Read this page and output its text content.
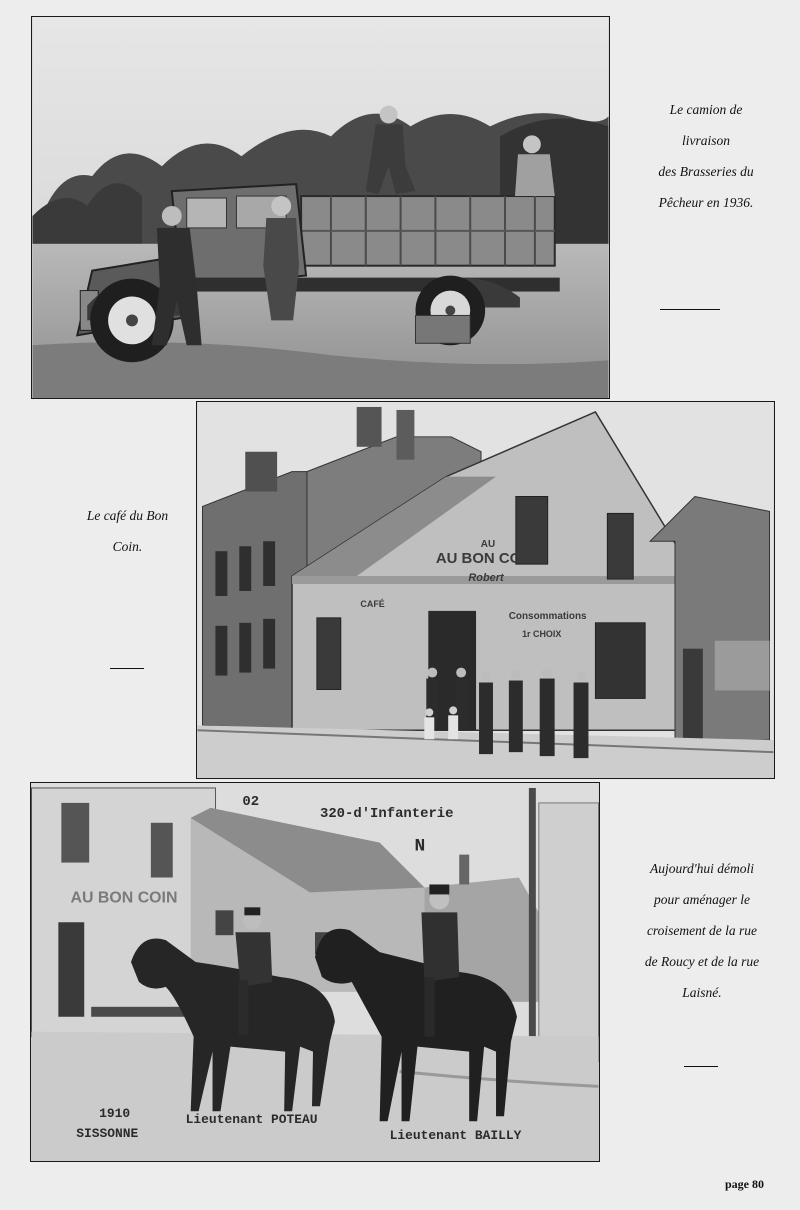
Le camion de
livraison
des Brasseries du
Pêcheur en 1936.
AU
AU BON COIN
Robert
CAFÉ
Consommations
1r CHOIX
Le café du Bon
Coin.
AU BON COIN
02
320-d'Infanterie
N
1910
SISSONNE
Lieutenant POTEAU
Lieutenant BAILLY
Aujourd'hui démoli
pour aménager le
croisement de la rue
de Roucy et de la rue
Laisné.
page 80
